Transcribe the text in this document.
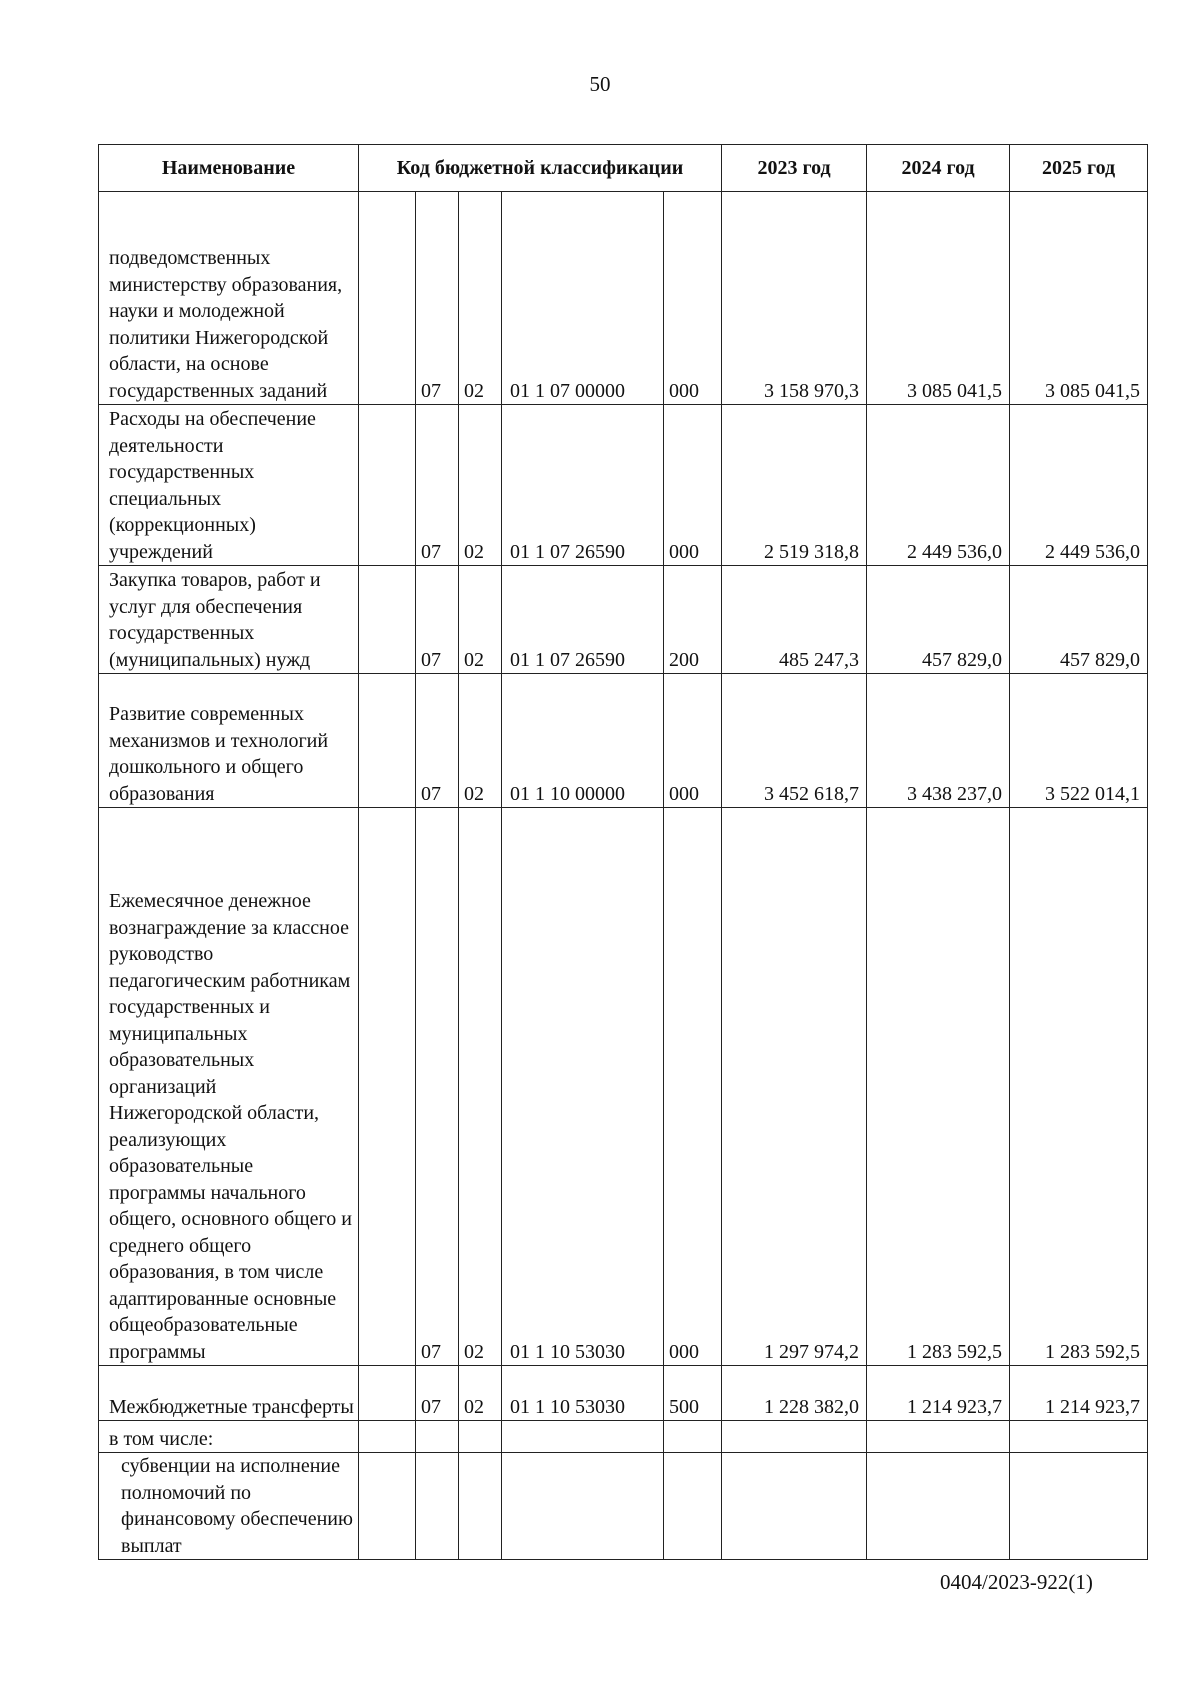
50
Наименование	Код бюджетной классификации					2023 год	2024 год	2025 год
подведомственных министерству образования, науки и молодежной политики Нижегородской области, на основе государственных заданий		07	02	01 1 07 00000	000	3 158 970,3	3 085 041,5	3 085 041,5
Расходы на обеспечение деятельности государственных специальных (коррекционных) учреждений		07	02	01 1 07 26590	000	2 519 318,8	2 449 536,0	2 449 536,0
Закупка товаров, работ и услуг для обеспечения государственных (муниципальных) нужд		07	02	01 1 07 26590	200	485 247,3	457 829,0	457 829,0
Развитие современных механизмов и технологий дошкольного и общего образования		07	02	01 1 10 00000	000	3 452 618,7	3 438 237,0	3 522 014,1
Ежемесячное денежное вознаграждение за классное руководство педагогическим работникам государственных и муниципальных образовательных организаций Нижегородской области, реализующих образовательные программы начального общего, основного общего и среднего общего образования, в том числе адаптированные основные общеобразовательные программы		07	02	01 1 10 53030	000	1 297 974,2	1 283 592,5	1 283 592,5
Межбюджетные трансферты		07	02	01 1 10 53030	500	1 228 382,0	1 214 923,7	1 214 923,7
в том числе:								
субвенции на исполнение полномочий по финансовому обеспечению выплат								
0404/2023-922(1)
